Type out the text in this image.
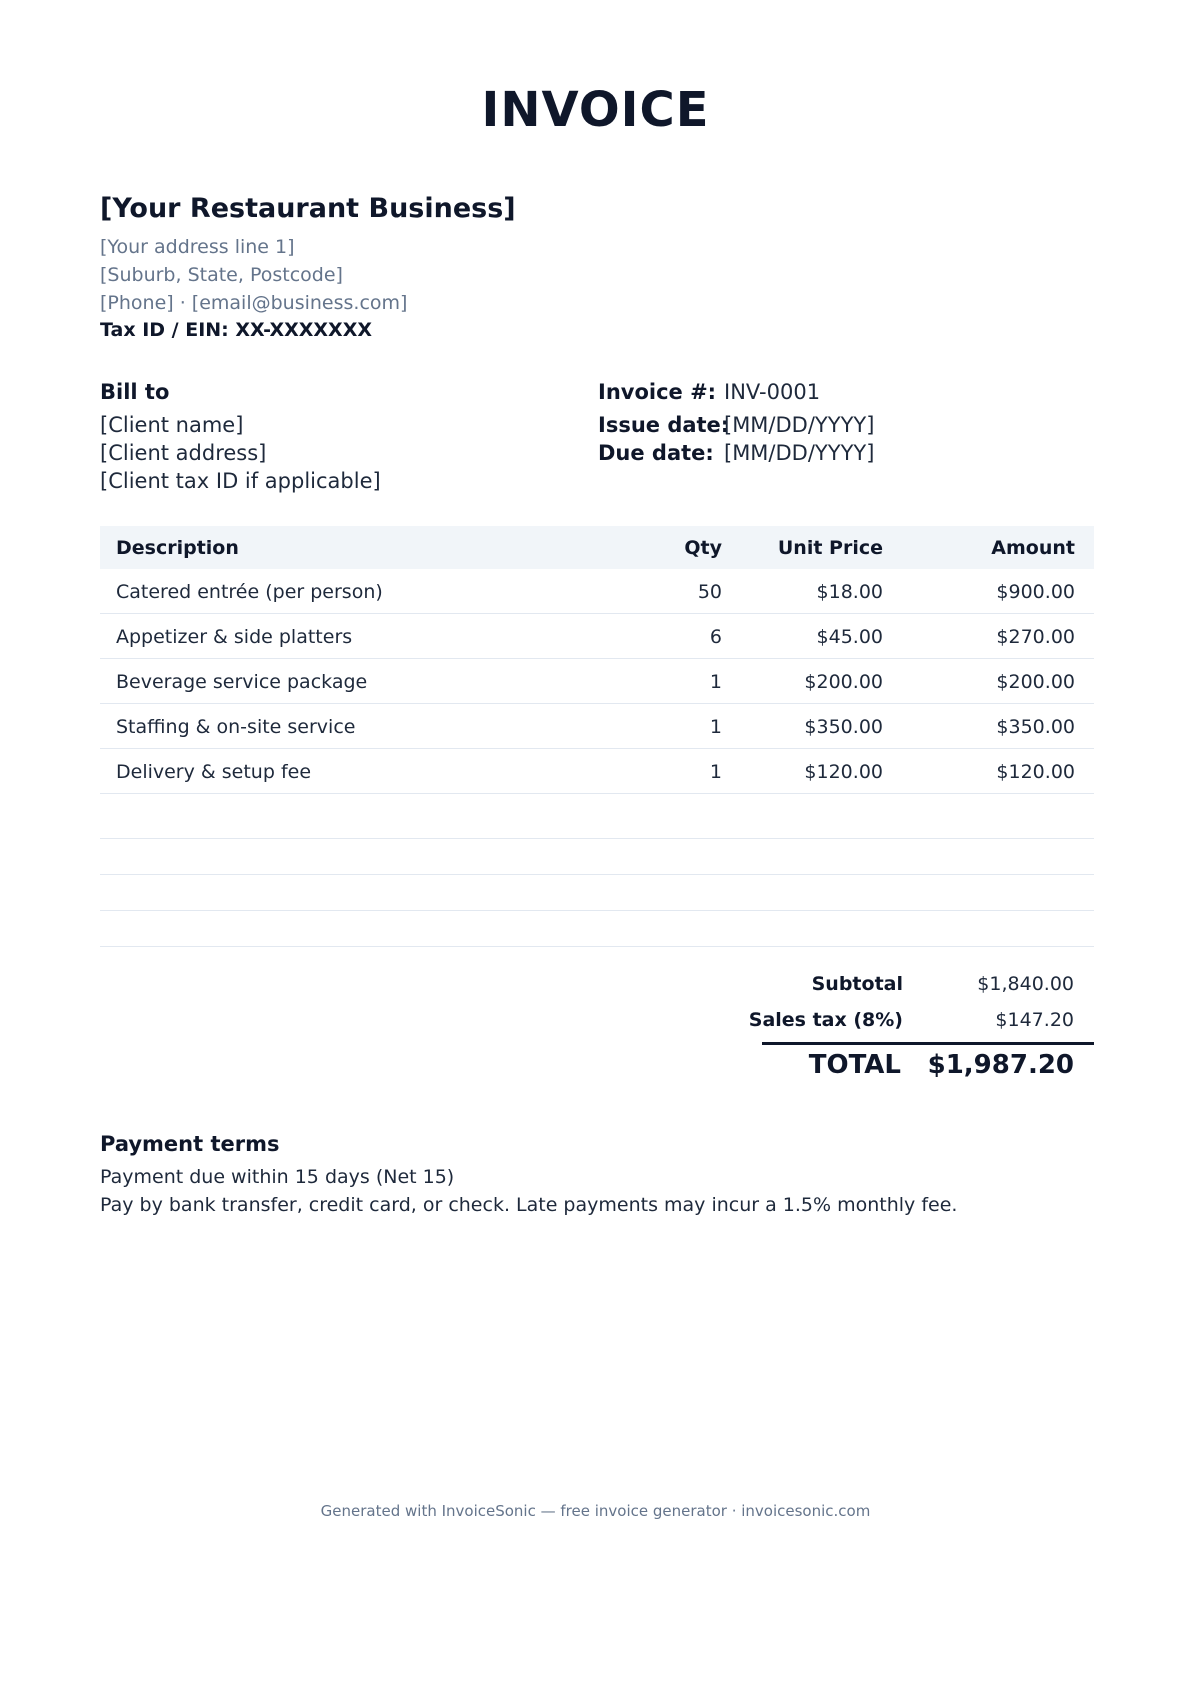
INVOICE
[Your Restaurant Business]
[Your address line 1]
[Suburb, State, Postcode]
[Phone] · [email@business.com]
Tax ID / EIN: XX-XXXXXXX
Bill to
[Client name]
[Client address]
[Client tax ID if applicable]
Invoice #: INV-0001
Issue date:
[MM/DD/YYYY]
Due date: [MM/DD/YYYY]
Description	Qty	Unit Price	Amount
Catered entrée (per person)	50	$18.00	$900.00
Appetizer & side platters	6	$45.00	$270.00
Beverage service package	1	$200.00	$200.00
Staffing & on-site service	1	$350.00	$350.00
Delivery & setup fee	1	$120.00	$120.00
Subtotal	$1,840.00
Sales tax (8%)	$147.20
TOTAL $1,987.20
Payment terms
Payment due within 15 days (Net 15)
Pay by bank transfer, credit card, or check. Late payments may incur a 1.5% monthly fee.
Generated with InvoiceSonic — free invoice generator · invoicesonic.com
